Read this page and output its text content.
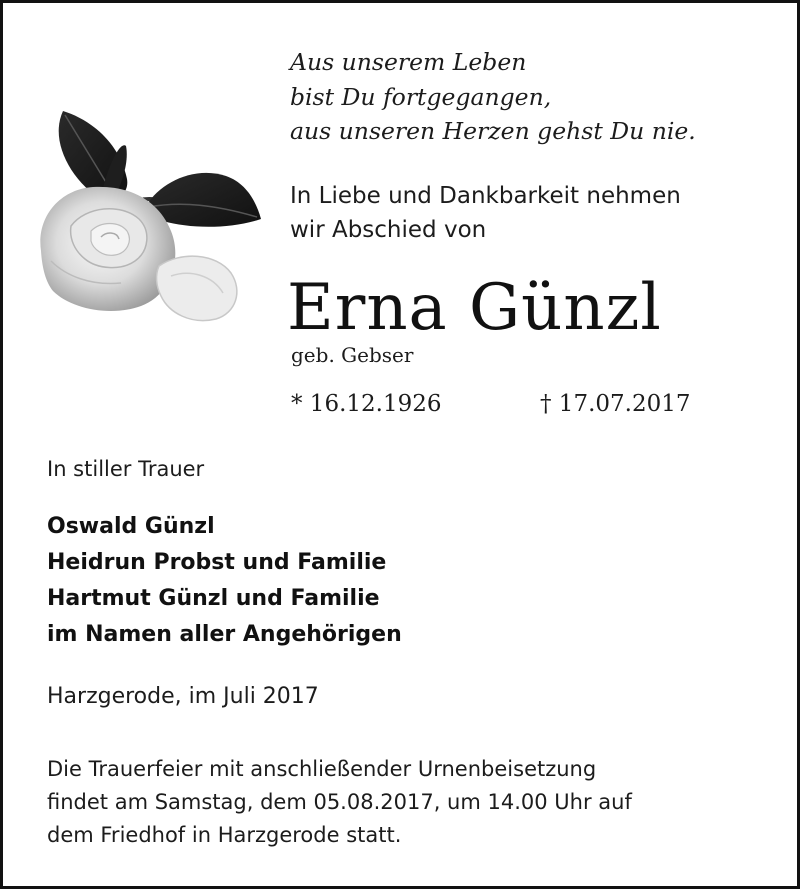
Aus unserem Leben
bist Du fortgegangen,
aus unseren Herzen gehst Du nie.
In Liebe und Dankbarkeit nehmen
wir Abschied von
Erna Günzl
geb. Gebser
* 16.12.1926	† 17.07.2017
In stiller Trauer
Oswald Günzl
Heidrun Probst und Familie
Hartmut Günzl und Familie
im Namen aller Angehörigen
Harzgerode, im Juli 2017
Die Trauerfeier mit anschließender Urnenbeisetzung
findet am Samstag, dem 05.08.2017, um 14.00 Uhr auf
dem Friedhof in Harzgerode statt.
